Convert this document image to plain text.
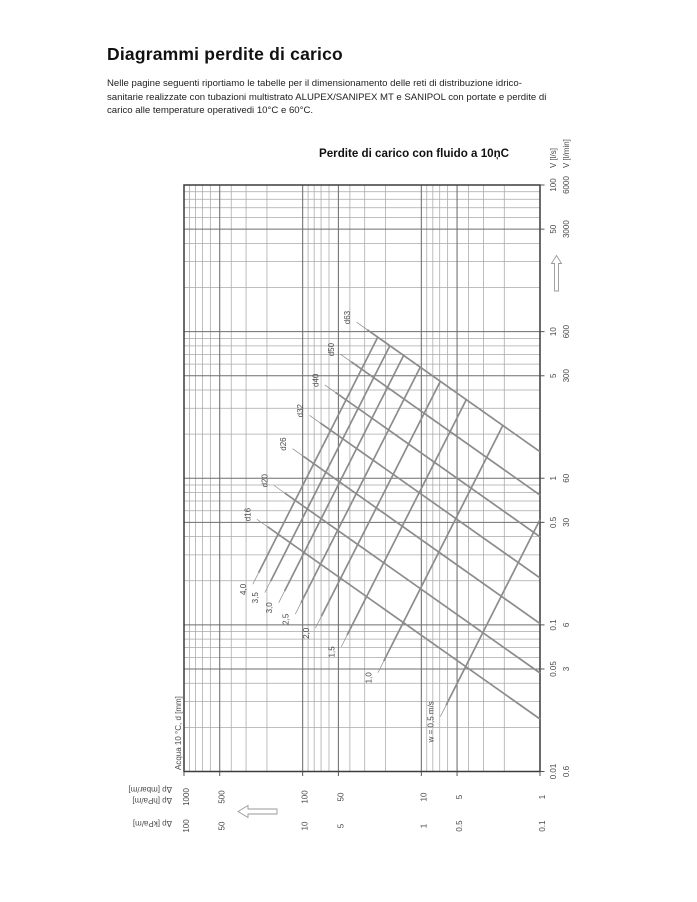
Diagrammi perdite di carico
Nelle pagine seguenti riportiamo le tabelle per il dimensionamento delle reti di distribuzione idrico-
sanitarie realizzate con tubazioni multistrato ALUPEX/SANIPEX MT e SANIPOL con portate e perdite di
carico alle temperature operativedi 10°C e 60°C.
Perdite di carico con fluido a 10ņC
100 6000
50 3000
10 600
5 300
1 60
0.5 30
0.1 6
0.05 3
0.01 0.6
V [l/s] V [l/min]
1000
100
500
50
100
10
50
5
10
1
5
0.5
1
0.1
Δp [mbar/m]
Δp [hPa/m]
Δp [kPa/m]
Acqua 10 °C, d [mm]
d16
d20
d26
d32
d40
d50
d63
4,0
3,5
3,0
2,5
2,0
1,5
1,0
w = 0,5 m/s
